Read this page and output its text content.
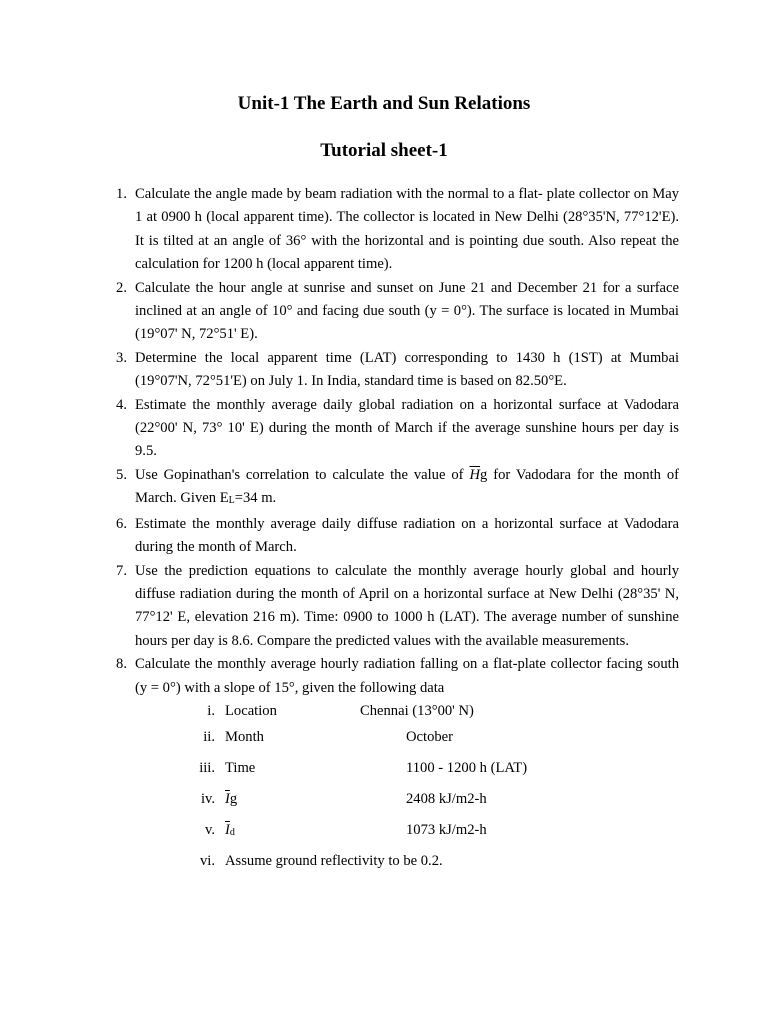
Unit-1 The Earth and Sun Relations
Tutorial sheet-1
1. Calculate the angle made by beam radiation with the normal to a flat- plate collector on May 1 at 0900 h (local apparent time). The collector is located in New Delhi (28°35'N, 77°12'E). It is tilted at an angle of 36° with the horizontal and is pointing due south. Also repeat the calculation for 1200 h (local apparent time).
2. Calculate the hour angle at sunrise and sunset on June 21 and December 21 for a surface inclined at an angle of 10° and facing due south (y = 0°). The surface is located in Mumbai (19°07' N, 72°51' E).
3. Determine the local apparent time (LAT) corresponding to 1430 h (1ST) at Mumbai (19°07'N, 72°51'E) on July 1. In India, standard time is based on 82.50°E.
4. Estimate the monthly average daily global radiation on a horizontal surface at Vadodara (22°00' N, 73° 10' E) during the month of March if the average sunshine hours per day is 9.5.
5. Use Gopinathan's correlation to calculate the value of $\overline{H}g$ for Vadodara for the month of March. Given EL=34 m.
6. Estimate the monthly average daily diffuse radiation on a horizontal surface at Vadodara during the month of March.
7. Use the prediction equations to calculate the monthly average hourly global and hourly diffuse radiation during the month of April on a horizontal surface at New Delhi (28°35' N, 77°12' E, elevation 216 m). Time: 0900 to 1000 h (LAT). The average number of sunshine hours per day is 8.6. Compare the predicted values with the available measurements.
8. Calculate the monthly average hourly radiation falling on a flat-plate collector facing south (y = 0°) with a slope of 15°, given the following data
i.	Location	Chennai (13°00' N)
ii.	Month	October
iii.	Time	1100 - 1200 h (LAT)
iv.	$\overline{I}g$	2408 kJ/m2-h
v.	$\overline{I}d$	1073 kJ/m2-h
vi.	Assume ground reflectivity to be 0.2.	
